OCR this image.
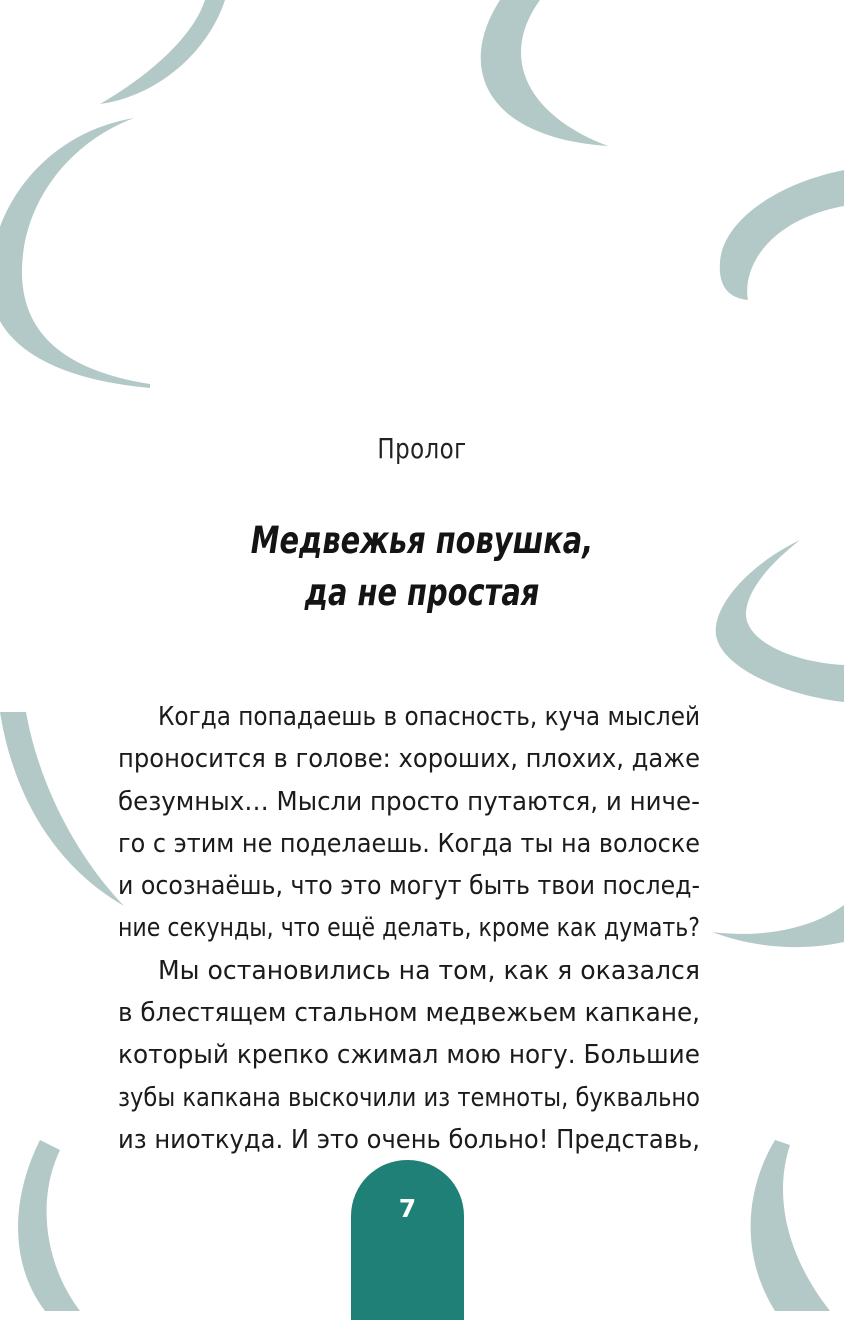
Пролог
Медвежья повушка,
да не простая
Когда попадаешь в опасность, куча мыслей
проносится в голове: хороших, плохих, даже
безумных… Мысли просто путаются, и ниче-
го с этим не поделаешь. Когда ты на волоске
и осознаёшь, что это могут быть твои послед-
ние секунды, что ещё делать, кроме как думать?
Мы остановились на том, как я оказался
в блестящем стальном медвежьем капкане,
который крепко сжимал мою ногу. Большие
зубы капкана выскочили из темноты, буквально
из ниоткуда. И это очень больно! Представь,
7
